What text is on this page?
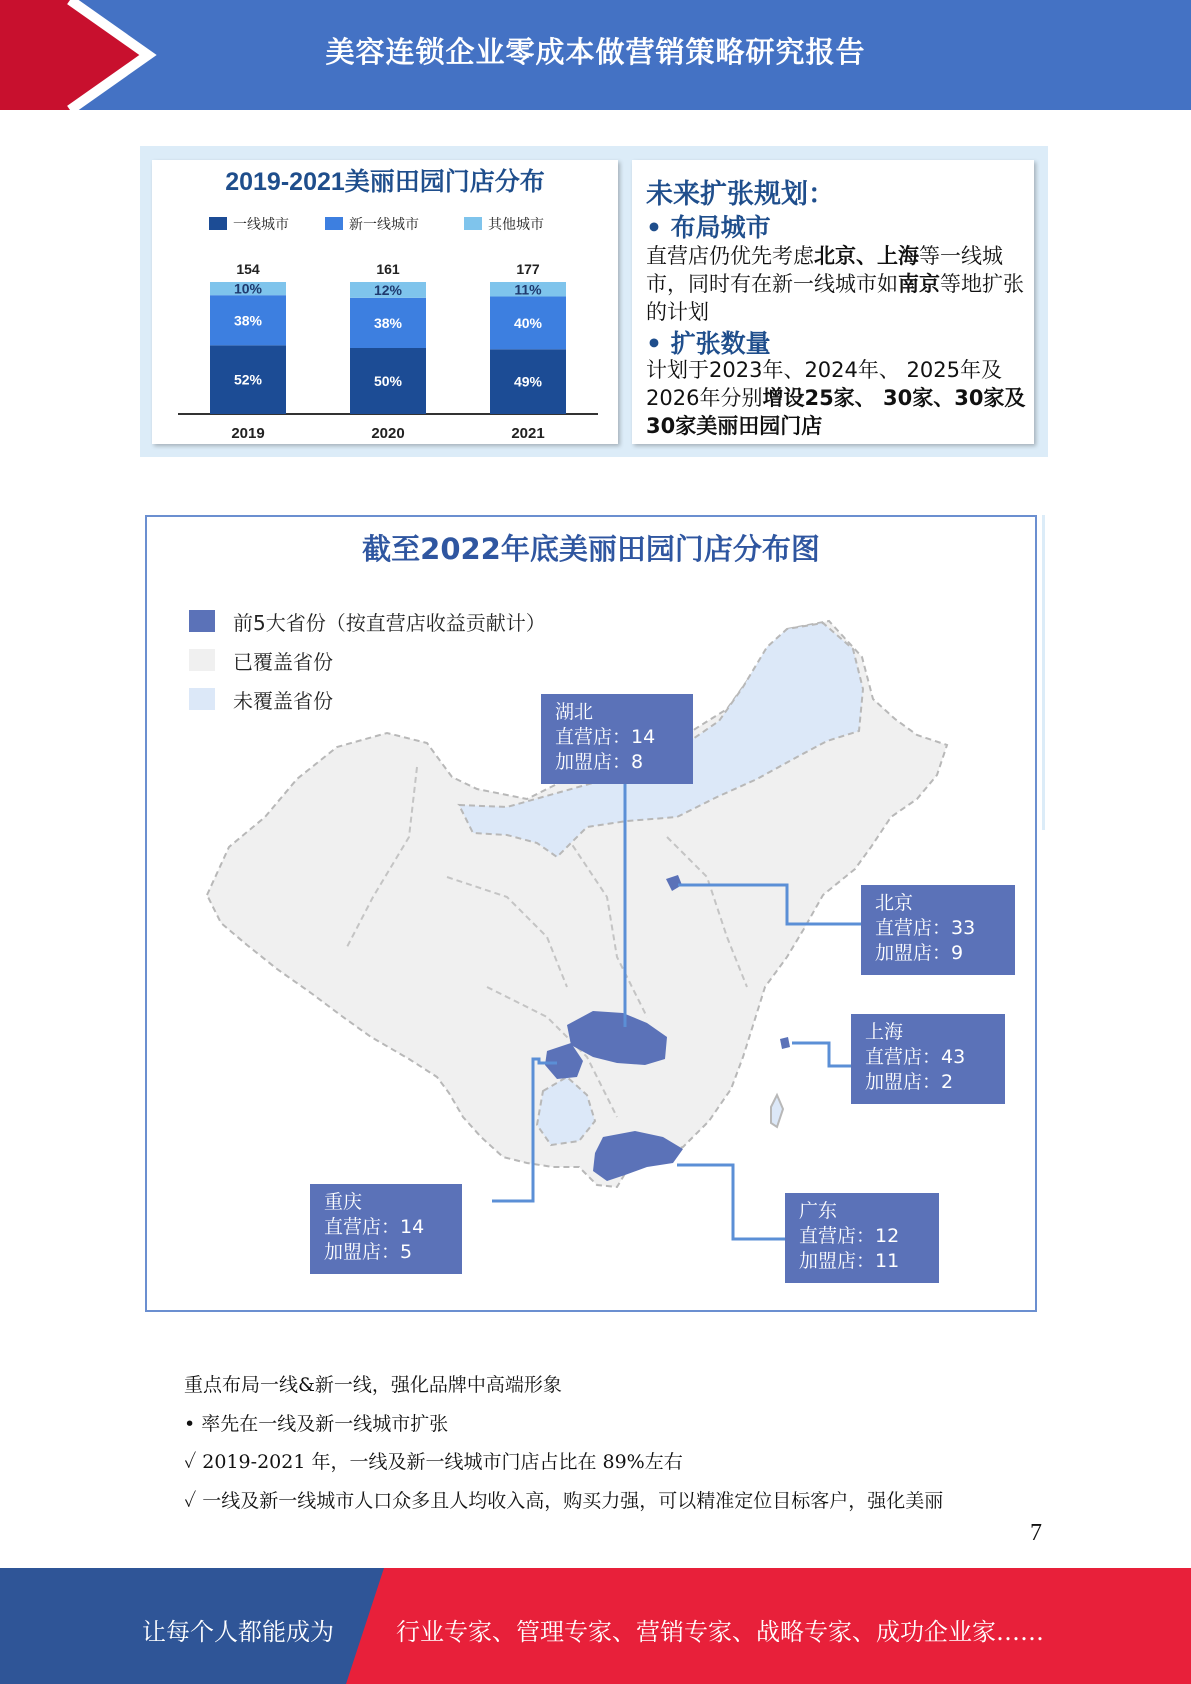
美容连锁企业零成本做营销策略研究报告
2019-2021美丽田园门店分布
一线城市	新一线城市	其他城市
52%
38%
10%
154
2019
50%
38%
12%
161
2020
49%
40%
11%
177
2021
未来扩张规划：
• 布局城市
直营店仍优先考虑北京、上海等一线城市，同时有在新一线城市如南京等地扩张的计划
• 扩张数量
计划于2023年、2024年、 2025年及2026年分别增设25家、 30家、30家及30家美丽田园门店
截至2022年底美丽田园门店分布图
前5大省份（按直营店收益贡献计）
已覆盖省份
未覆盖省份	湖北
直营店：14
加盟店：8
北京
直营店：33
加盟店：9
上海
直营店：43
加盟店：2
重庆
直营店：14
加盟店：5
广东
直营店：12
加盟店：11
重点布局一线&新一线，强化品牌中高端形象
• 率先在一线及新一线城市扩张
✓ 2019-2021 年，一线及新一线城市门店占比在 89%左右
✓ 一线及新一线城市人口众多且人均收入高，购买力强，可以精准定位目标客户，强化美丽
7
让每个人都能成为	行业专家、管理专家、营销专家、战略专家、成功企业家……
